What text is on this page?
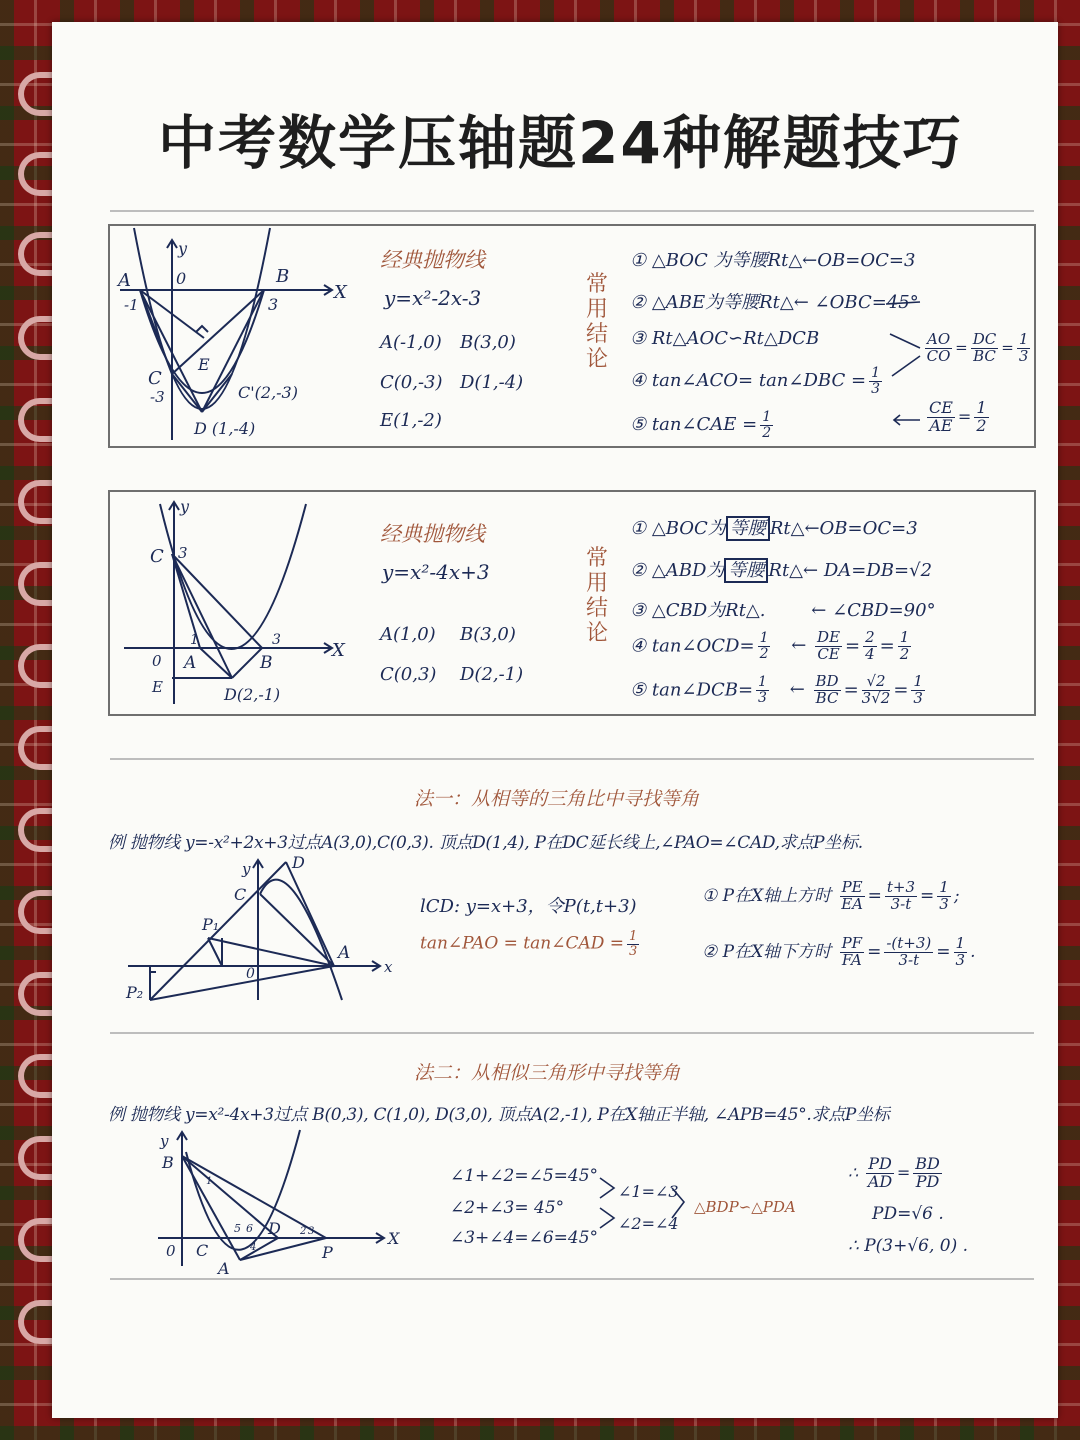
中考数学压轴题24种解题技巧
A	0
y
X
-1
B
3
C
-3
E
C'(2,-3)
D (1,-4)
经典抛物线
y=x²-2x-3
A(-1,0) B(3,0)
C(0,-3) D(1,-4)
E(1,-2)
常
用
结
论
① △BOC 为等腰Rt△←OB=OC=3
② △ABE为等腰Rt△← ∠OBC=45°
③ Rt△AOC∽Rt△DCB	$\frac{AO}{CO} = \frac{DC}{BC} = \frac{1}{3}$
④ tan∠ACO= tan∠DBC = $\frac{1}{3}$
⑤ tan∠CAE = $\frac{1}{2}$	$\frac{CE}{AE} = \frac{1}{2}$
C 3
y
X
0 A
1
B
3
E	D(2,-1)
经典抛物线
y=x²-4x+3
A(1,0) B(3,0)
C(0,3) D(2,-1)
常
用
结
论
① △BOC为 等腰 Rt△←OB=OC=3
② △ABD为 等腰 Rt△← DA=DB=√2
③ △CBD为Rt△.	← ∠CBD=90°
④ tan∠OCD= $\frac{1}{2}$ ← $\frac{DE}{CE} = \frac{2}{4} = \frac{1}{2}$
⑤ tan∠DCB= $\frac{1}{3}$ ← $\frac{BD}{BC} = \frac{√2}{3√2} = \frac{1}{3}$
法一：从相等的三角比中寻找等角
例 抛物线 y=-x²+2x+3过点A(3,0),C(0,3). 顶点D(1,4), P在DC延长线上,∠PAO=∠CAD,求点P坐标.
y	D
C
P₁
0
A
x
P₂
lCD: y=x+3，令P(t,t+3)
tan∠PAO = tan∠CAD = $\frac{1}{3}$
① P在X轴上方时 $\frac{PE}{EA} = \frac{t+3}{3-t} = \frac{1}{3}$ ;
② P在X轴下方时 $\frac{PF}{FA} = \frac{-(t+3)}{3-t} = \frac{1}{3}$ .
法二：从相似三角形中寻找等角
例 抛物线 y=x²-4x+3过点 B(0,3), C(1,0), D(3,0), 顶点A(2,-1), P在X轴正半轴, ∠APB=45°.求点P坐标
y
B
0 C
A
D
P
X
1
2 3
4
5 6
∠1+∠2=∠5=45°
∠2+∠3= 45°
∠3+∠4=∠6=45°
∠1=∠3
∠2=∠4
△BDP∽△PDA
∴ $\frac{PD}{AD} = \frac{BD}{PD}$
PD=√6 .
∴ P(3+√6, 0) .
